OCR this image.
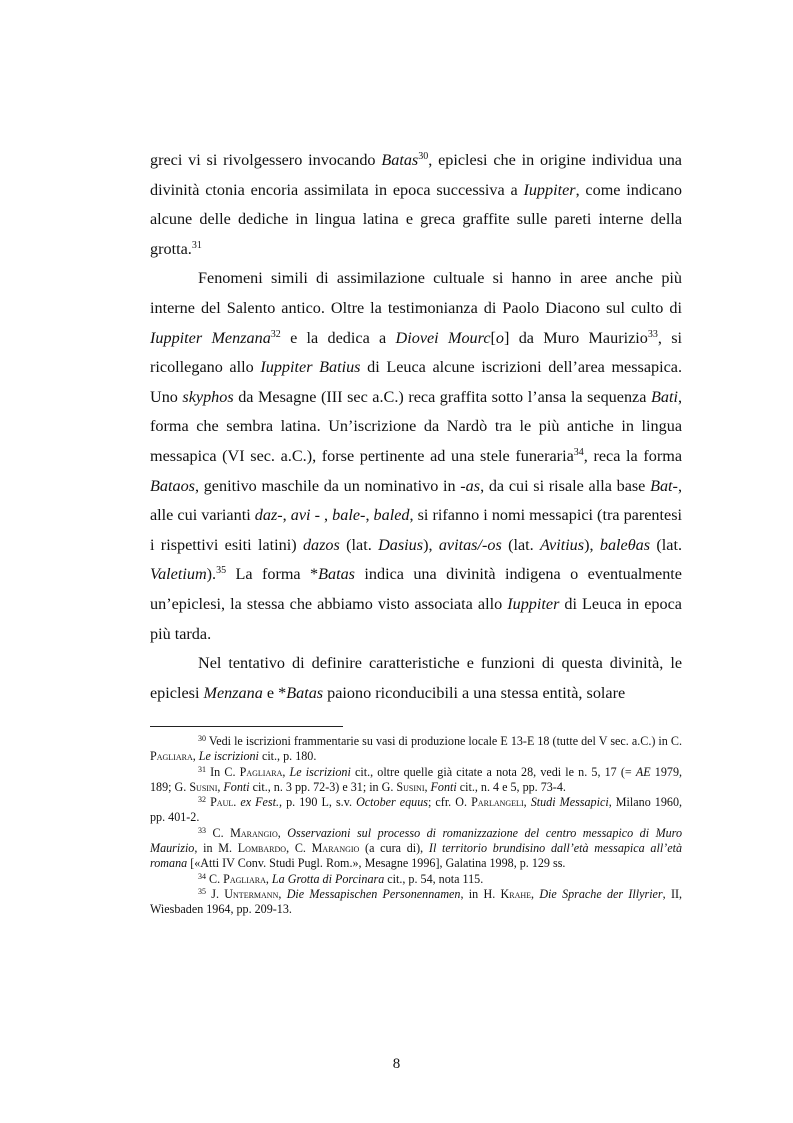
greci vi si rivolgessero invocando Batas$^{30}$, epiclesi che in origine individua una divinità ctonia encoria assimilata in epoca successiva a Iuppiter, come indicano alcune delle dediche in lingua latina e greca graffite sulle pareti interne della grotta.$^{31}$

Fenomeni simili di assimilazione cultuale si hanno in aree anche più interne del Salento antico. Oltre la testimonianza di Paolo Diacono sul culto di Iuppiter Menzana$^{32}$ e la dedica a Diovei Mourc[o] da Muro Maurizio$^{33}$, si ricollegano allo Iuppiter Batius di Leuca alcune iscrizioni dell’area messapica. Uno skyphos da Mesagne (III sec a.C.) reca graffita sotto l’ansa la sequenza Bati, forma che sembra latina. Un’iscrizione da Nardò tra le più antiche in lingua messapica (VI sec. a.C.), forse pertinente ad una stele funeraria$^{34}$, reca la forma Bataos, genitivo maschile da un nominativo in -as, da cui si risale alla base Bat-, alle cui varianti daz-, avi - , bale-, baled, si rifanno i nomi messapici (tra parentesi i rispettivi esiti latini) dazos (lat. Dasius), avitas/-os (lat. Avitius), baleθas (lat. Valetium).$^{35}$ La forma *Batas indica una divinità indigena o eventualmente un’epiclesi, la stessa che abbiamo visto associata allo Iuppiter di Leuca in epoca più tarda.

Nel tentativo di definire caratteristiche e funzioni di questa divinità, le epiclesi Menzana e *Batas paiono riconducibili a una stessa entità, solare

$^{30}$ Vedi le iscrizioni frammentarie su vasi di produzione locale E 13-E 18 (tutte del V sec. a.C.) in C. Pagliara, Le iscrizioni cit., p. 180.

$^{31}$ In C. Pagliara, Le iscrizioni cit., oltre quelle già citate a nota 28, vedi le n. 5, 17 (= AE 1979, 189; G. Susini, Fonti cit., n. 3 pp. 72-3) e 31; in G. Susini, Fonti cit., n. 4 e 5, pp. 73-4.

$^{32}$ Paul. ex Fest., p. 190 L, s.v. October equus; cfr. O. Parlangeli, Studi Messapici, Milano 1960, pp. 401-2.

$^{33}$ C. Marangio, Osservazioni sul processo di romanizzazione del centro messapico di Muro Maurizio, in M. Lombardo, C. Marangio (a cura di), Il territorio brundisino dall’età messapica all’età romana [«Atti IV Conv. Studi Pugl. Rom.», Mesagne 1996], Galatina 1998, p. 129 ss.

$^{34}$ C. Pagliara, La Grotta di Porcinara cit., p. 54, nota 115.

$^{35}$ J. Untermann, Die Messapischen Personennamen, in H. Krahe, Die Sprache der Illyrier, II, Wiesbaden 1964, pp. 209-13.

8
